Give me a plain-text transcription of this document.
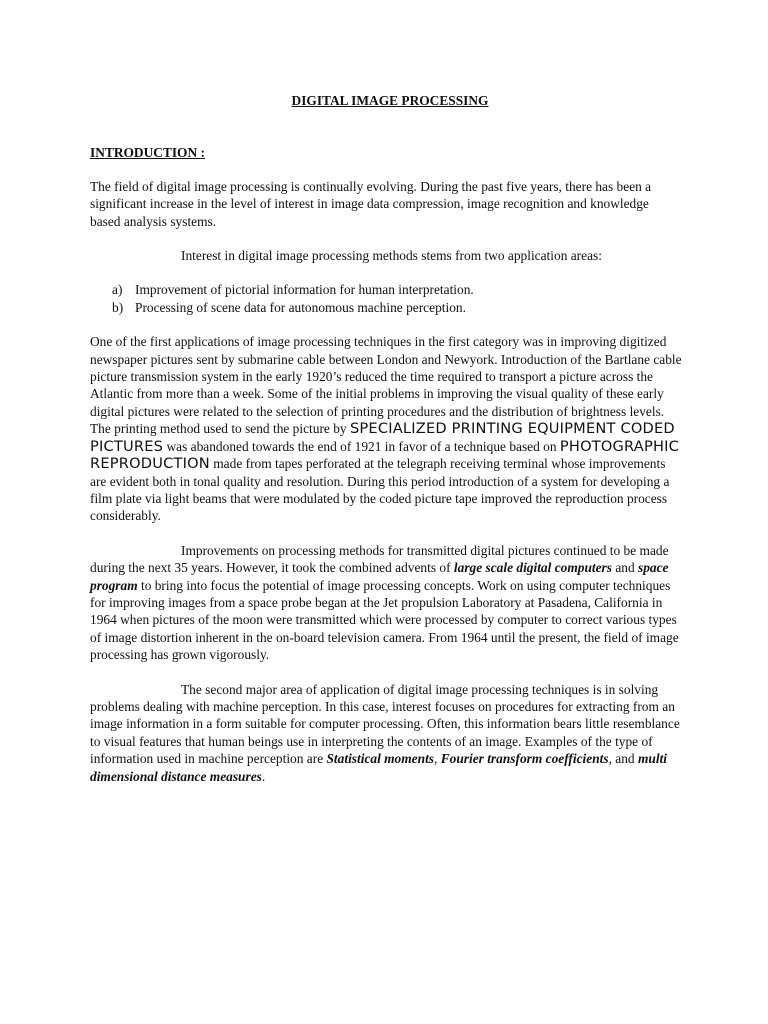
DIGITAL IMAGE PROCESSING
INTRODUCTION :

The field of digital image processing is continually evolving. During the past five years, there has been a significant increase in the level of interest in image data compression, image recognition and knowledge based analysis systems.

Interest in digital image processing methods stems from two application areas:

a) Improvement of pictorial information for human interpretation.
b) Processing of scene data for autonomous machine perception.

One of the first applications of image processing techniques in the first category was in improving digitized newspaper pictures sent by submarine cable between London and Newyork. Introduction of the Bartlane cable picture transmission system in the early 1920’s reduced the time required to transport a picture across the Atlantic from more than a week. Some of the initial problems in improving the visual quality of these early digital pictures were related to the selection of printing procedures and the distribution of brightness levels. The printing method used to send the picture by SPECIALIZED PRINTING EQUIPMENT CODED PICTURES was abandoned towards the end of 1921 in favor of a technique based on PHOTOGRAPHIC REPRODUCTION made from tapes perforated at the telegraph receiving terminal whose improvements are evident both in tonal quality and resolution. During this period introduction of a system for developing a film plate via light beams that were modulated by the coded picture tape improved the reproduction process considerably.

Improvements on processing methods for transmitted digital pictures continued to be made during the next 35 years. However, it took the combined advents of large scale digital computers and space program to bring into focus the potential of image processing concepts. Work on using computer techniques for improving images from a space probe began at the Jet propulsion Laboratory at Pasadena, California in 1964 when pictures of the moon were transmitted which were processed by computer to correct various types of image distortion inherent in the on-board television camera. From 1964 until the present, the field of image processing has grown vigorously.

The second major area of application of digital image processing techniques is in solving problems dealing with machine perception. In this case, interest focuses on procedures for extracting from an image information in a form suitable for computer processing. Often, this information bears little resemblance to visual features that human beings use in interpreting the contents of an image. Examples of the type of information used in machine perception are Statistical moments, Fourier transform coefficients, and multi dimensional distance measures.
